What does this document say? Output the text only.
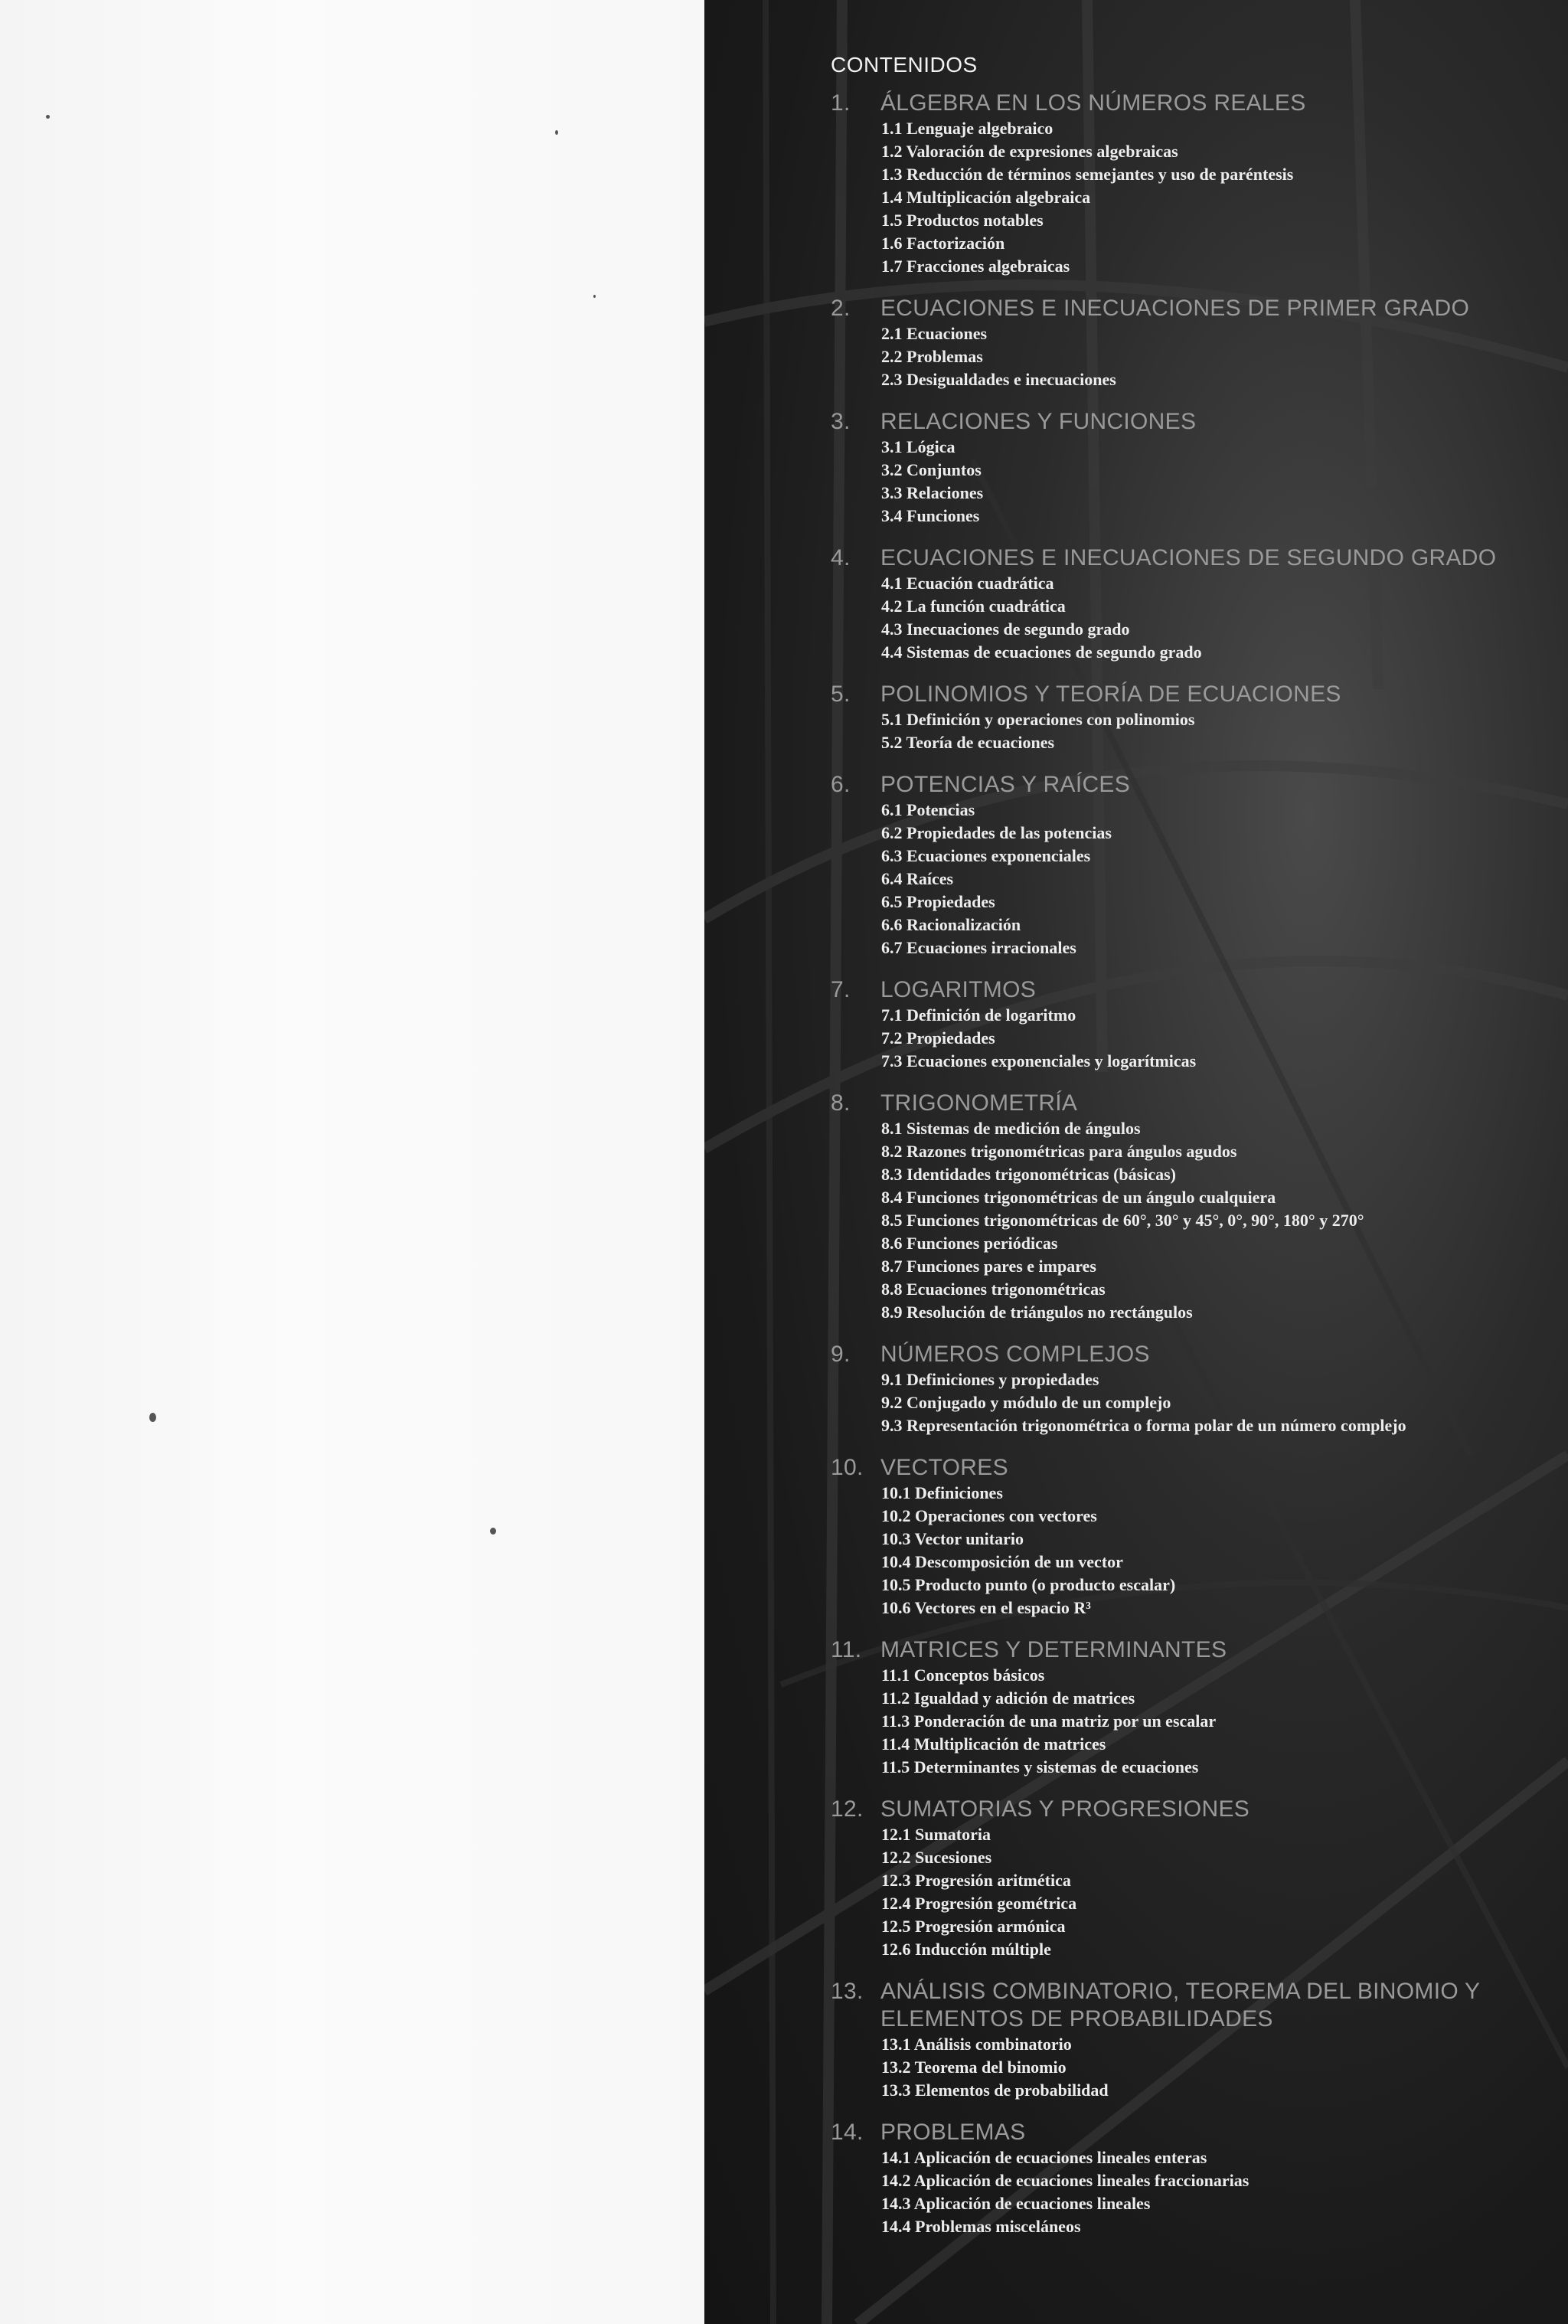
CONTENIDOS
1.	ÁLGEBRA EN LOS NÚMEROS REALES
1.1 Lenguaje algebraico
1.2 Valoración de expresiones algebraicas
1.3 Reducción de términos semejantes y uso de paréntesis
1.4 Multiplicación algebraica
1.5 Productos notables
1.6 Factorización
1.7 Fracciones algebraicas
2.	ECUACIONES E INECUACIONES DE PRIMER GRADO
2.1 Ecuaciones
2.2 Problemas
2.3 Desigualdades e inecuaciones
3.	RELACIONES Y FUNCIONES
3.1 Lógica
3.2 Conjuntos
3.3 Relaciones
3.4 Funciones
4.	ECUACIONES E INECUACIONES DE SEGUNDO GRADO
4.1 Ecuación cuadrática
4.2 La función cuadrática
4.3 Inecuaciones de segundo grado
4.4 Sistemas de ecuaciones de segundo grado
5.	POLINOMIOS Y TEORÍA DE ECUACIONES
5.1 Definición y operaciones con polinomios
5.2 Teoría de ecuaciones
6.	POTENCIAS Y RAÍCES
6.1 Potencias
6.2 Propiedades de las potencias
6.3 Ecuaciones exponenciales
6.4 Raíces
6.5 Propiedades
6.6 Racionalización
6.7 Ecuaciones irracionales
7.	LOGARITMOS
7.1 Definición de logaritmo
7.2 Propiedades
7.3 Ecuaciones exponenciales y logarítmicas
8.	TRIGONOMETRÍA
8.1 Sistemas de medición de ángulos
8.2 Razones trigonométricas para ángulos agudos
8.3 Identidades trigonométricas (básicas)
8.4 Funciones trigonométricas de un ángulo cualquiera
8.5 Funciones trigonométricas de 60°, 30° y 45°, 0°, 90°, 180° y 270°
8.6 Funciones periódicas
8.7 Funciones pares e impares
8.8 Ecuaciones trigonométricas
8.9 Resolución de triángulos no rectángulos
9.	NÚMEROS COMPLEJOS
9.1 Definiciones y propiedades
9.2 Conjugado y módulo de un complejo
9.3 Representación trigonométrica o forma polar de un número complejo
10. VECTORES
10.1 Definiciones
10.2 Operaciones con vectores
10.3 Vector unitario
10.4 Descomposición de un vector
10.5 Producto punto (o producto escalar)
10.6 Vectores en el espacio R³
11. MATRICES Y DETERMINANTES
11.1 Conceptos básicos
11.2 Igualdad y adición de matrices
11.3 Ponderación de una matriz por un escalar
11.4 Multiplicación de matrices
11.5 Determinantes y sistemas de ecuaciones
12. SUMATORIAS Y PROGRESIONES
12.1 Sumatoria
12.2 Sucesiones
12.3 Progresión aritmética
12.4 Progresión geométrica
12.5 Progresión armónica
12.6 Inducción múltiple
13. ANÁLISIS COMBINATORIO, TEOREMA DEL BINOMIO Y ELEMENTOS DE PROBABILIDADES
13.1 Análisis combinatorio
13.2 Teorema del binomio
13.3 Elementos de probabilidad
14. PROBLEMAS
14.1 Aplicación de ecuaciones lineales enteras
14.2 Aplicación de ecuaciones lineales fraccionarias
14.3 Aplicación de ecuaciones lineales
14.4 Problemas misceláneos
